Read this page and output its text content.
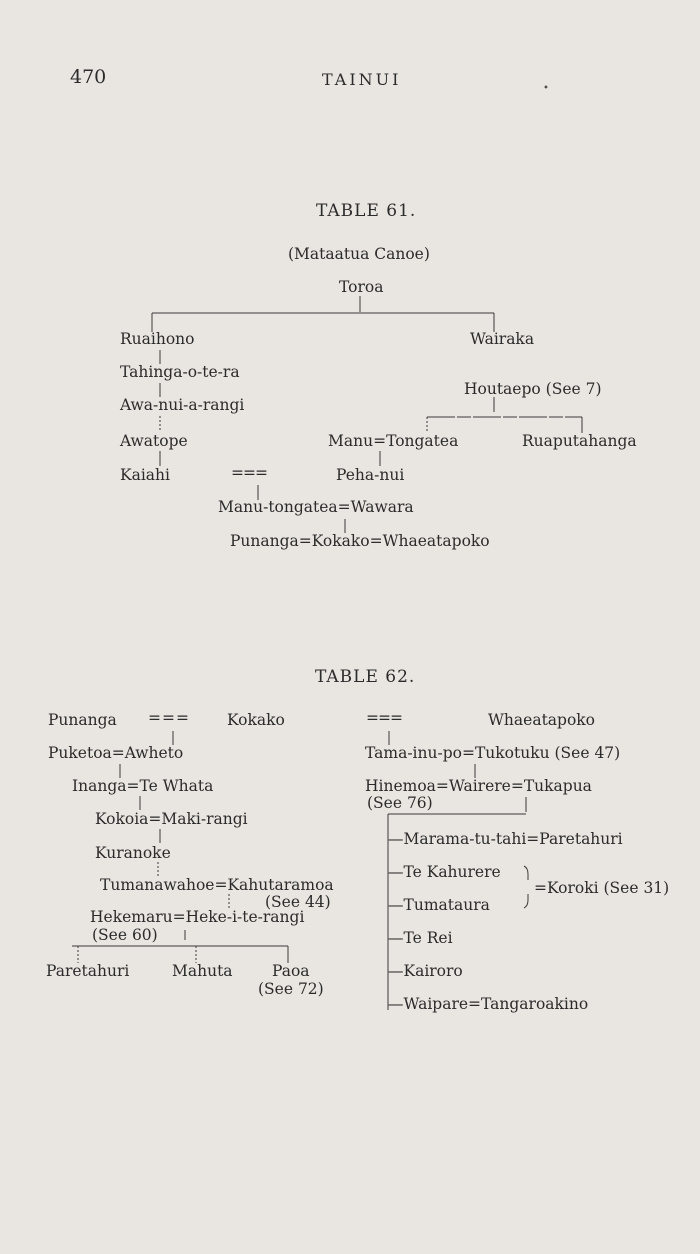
470	TAINUI	•
TABLE 61.
(Mataatua Canoe)
Toroa
Ruaihono	Wairaka
Tahinga-o-te-ra
Houtaepo (See 7)
Awa-nui-a-rangi
Awatope	Manu=Tongatea	Ruaputahanga
Kaiahi	===	Peha-nui
Manu-tongatea=Wawara
Punanga=Kokako=Whaeatapoko
TABLE 62.
Punanga === Kokako	===	Whaeatapoko
Puketoa=Awheto	Tama-inu-po=Tukotuku (See 47)
Inanga=Te Whata	Hinemoa=Wairere=Tukapua
(See 76)
Kokoia=Maki-rangi
—Marama-tu-tahi=Paretahuri
Kuranoke
—Te Kahurere
=Koroki (See 31)
Tumanawahoe=Kahutaramoa
(See 44)	—Tumataura
Hekemaru=Heke-i-te-rangi
(See 60)	—Te Rei
Paretahuri	Mahuta	Paoa
(See 72)
—Kairoro
—Waipare=Tangaroakino
